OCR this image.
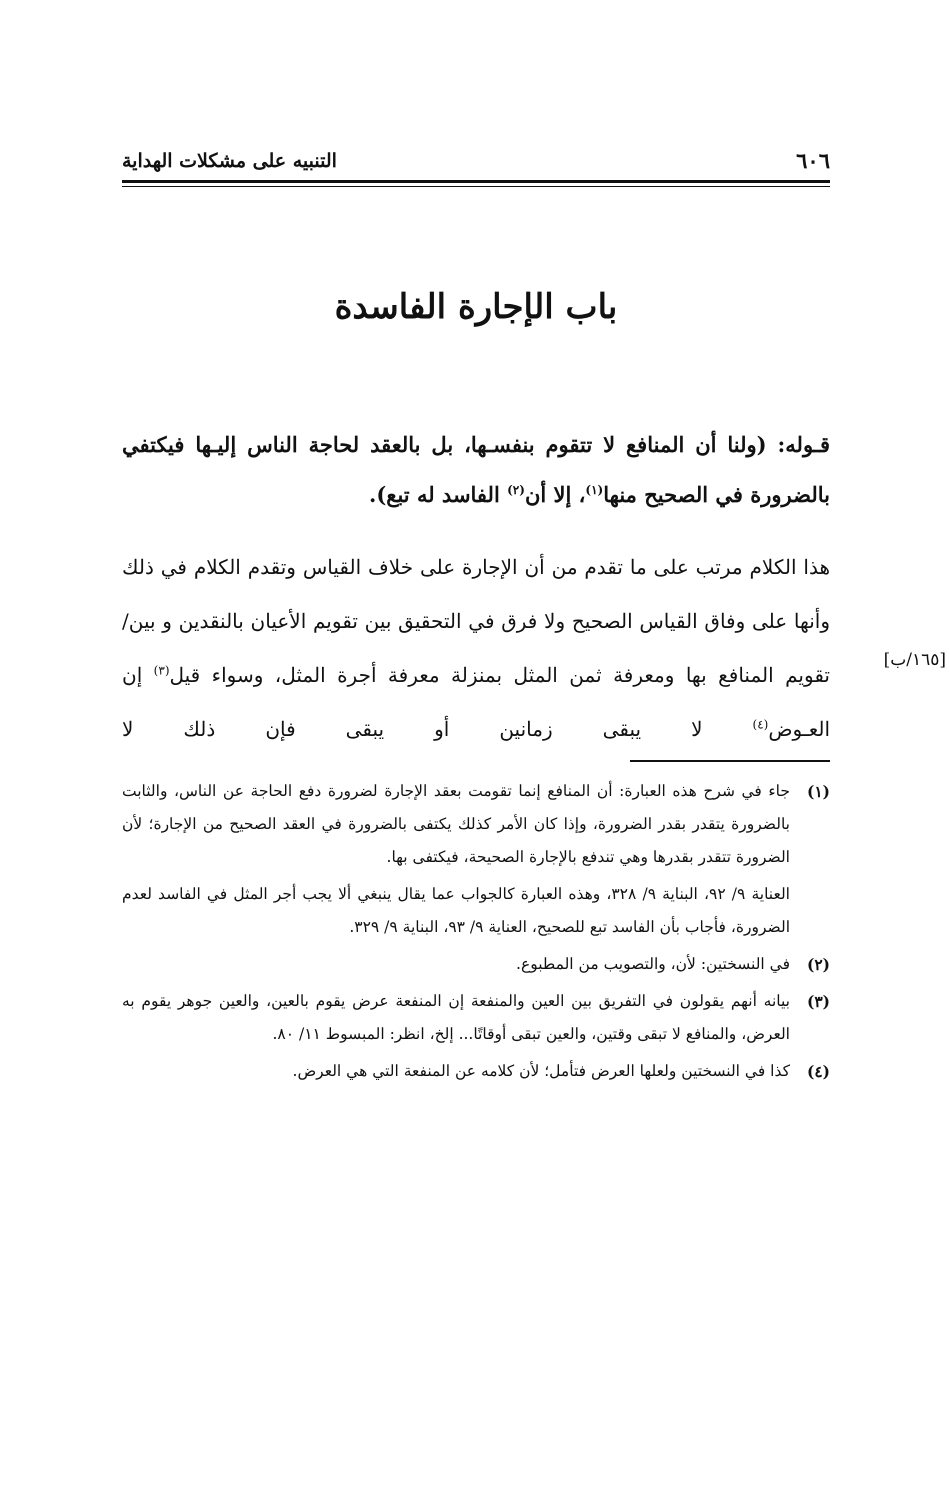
٦٠٦
التنبيه على مشكلات الهداية
باب الإجارة الفاسدة
قـوله: (ولنا أن المنافع لا تتقوم بنفسـها، بل بالعقد لحاجة الناس إليـها فيكتفي بالضرورة في الصحيح منها$^{(١)}$، إلا أن$^{(٢)}$ الفاسد له تبع).
هذا الكلام مرتب على ما تقدم من أن الإجارة على خلاف القياس وتقدم الكلام في ذلك وأنها على وفاق القياس الصحيح ولا فرق في التحقيق بين تقويم الأعيان بالنقدين و بين/ تقويم المنافع بها ومعرفة ثمن المثل بمنزلة معرفة أجرة المثل، وسواء قيل$^{(٣)}$ إن العـوض$^{(٤)}$ لا يبقى زمانين أو يبقى فإن ذلك لا
[١٦٥/ب]
(١)
جاء في شرح هذه العبارة: أن المنافع إنما تقومت بعقد الإجارة لضرورة دفع الحاجة عن الناس، والثابت بالضرورة يتقدر بقدر الضرورة، وإذا كان الأمر كذلك يكتفى بالضرورة في العقد الصحيح من الإجارة؛ لأن الضرورة تتقدر بقدرها وهي تندفع بالإجارة الصحيحة، فيكتفى بها.
العناية ٩/ ٩٢، البناية ٩/ ٣٢٨، وهذه العبارة كالجواب عما يقال ينبغي ألا يجب أجر المثل في الفاسد لعدم الضرورة، فأجاب بأن الفاسد تبع للصحيح، العناية ٩/ ٩٣، البناية ٩/ ٣٢٩.
(٢)
في النسختين: لأن، والتصويب من المطبوع.
(٣)
بيانه أنهم يقولون في التفريق بين العين والمنفعة إن المنفعة عرض يقوم بالعين، والعين جوهر يقوم به العرض، والمنافع لا تبقى وقتين، والعين تبقى أوقاتًا... إلخ، انظر: المبسوط ١١/ ٨٠.
(٤)
كذا في النسختين ولعلها العرض فتأمل؛ لأن كلامه عن المنفعة التي هي العرض.
